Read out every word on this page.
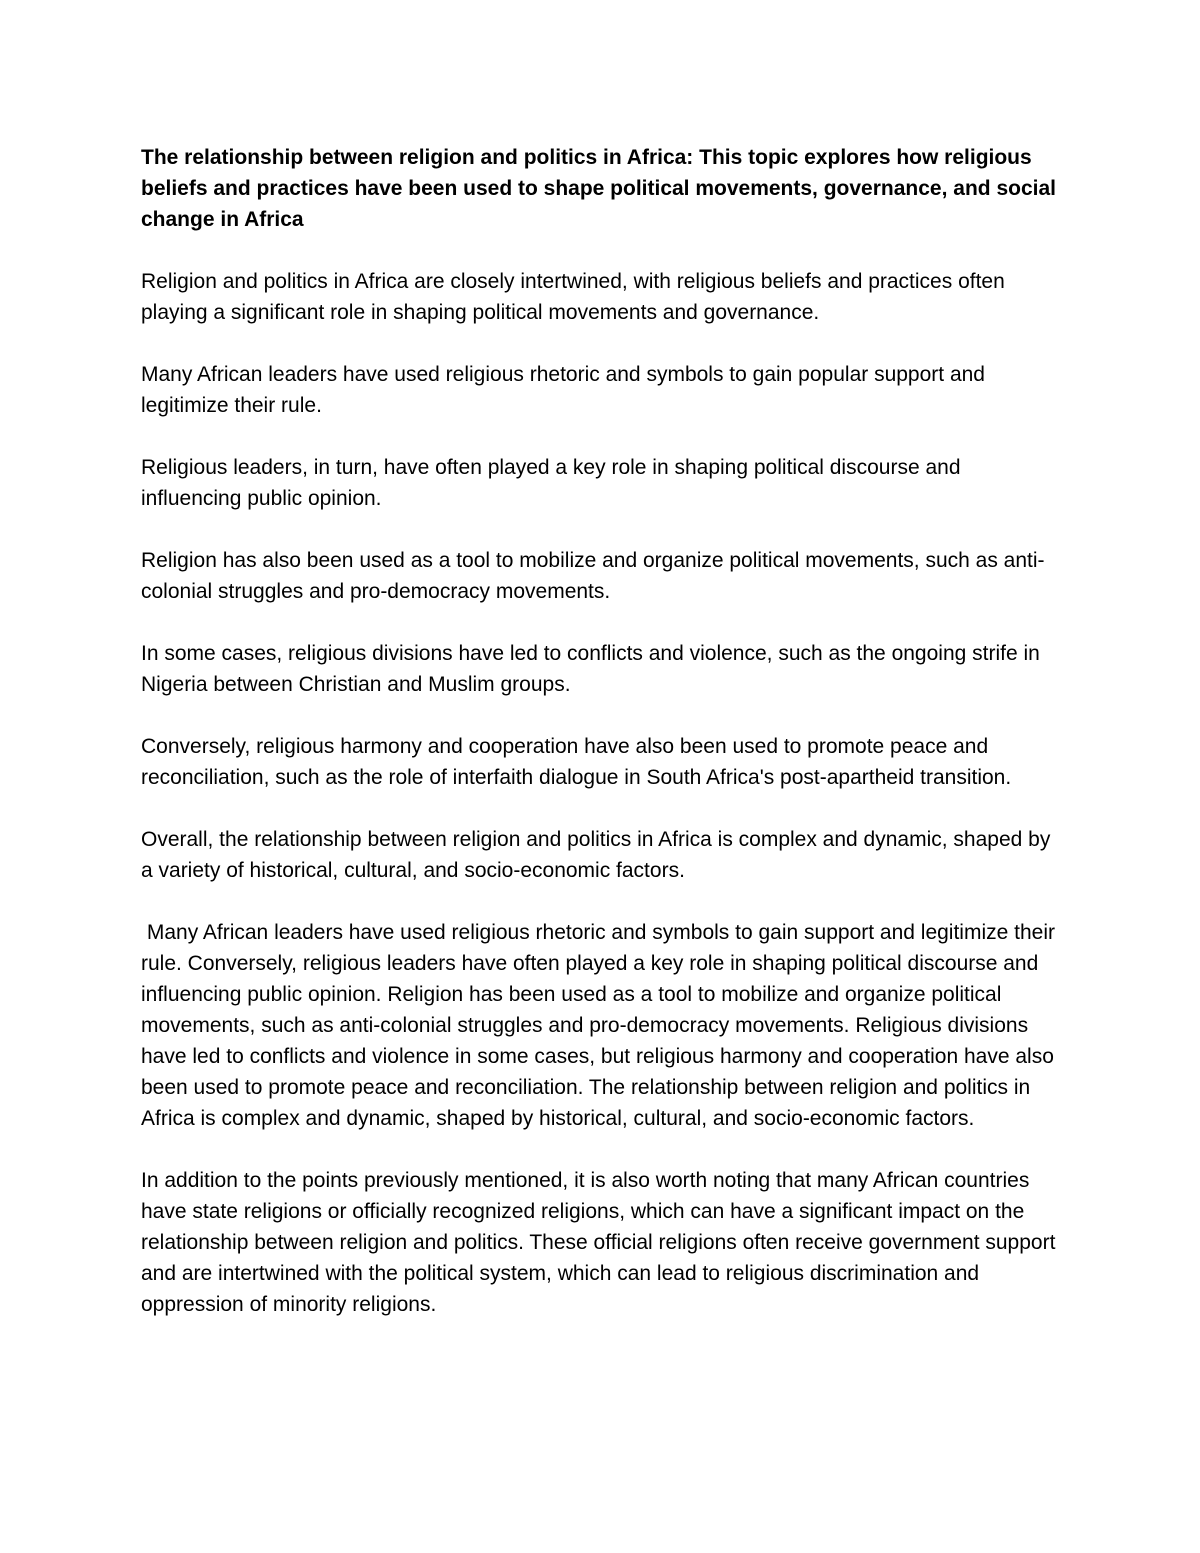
The relationship between religion and politics in Africa: This topic explores how religious beliefs and practices have been used to shape political movements, governance, and social change in Africa

Religion and politics in Africa are closely intertwined, with religious beliefs and practices often playing a significant role in shaping political movements and governance.

Many African leaders have used religious rhetoric and symbols to gain popular support and legitimize their rule.

Religious leaders, in turn, have often played a key role in shaping political discourse and influencing public opinion.

Religion has also been used as a tool to mobilize and organize political movements, such as anti-colonial struggles and pro-democracy movements.

In some cases, religious divisions have led to conflicts and violence, such as the ongoing strife in Nigeria between Christian and Muslim groups.

Conversely, religious harmony and cooperation have also been used to promote peace and reconciliation, such as the role of interfaith dialogue in South Africa's post-apartheid transition.

Overall, the relationship between religion and politics in Africa is complex and dynamic, shaped by a variety of historical, cultural, and socio-economic factors.

Many African leaders have used religious rhetoric and symbols to gain support and legitimize their rule. Conversely, religious leaders have often played a key role in shaping political discourse and influencing public opinion. Religion has been used as a tool to mobilize and organize political movements, such as anti-colonial struggles and pro-democracy movements. Religious divisions have led to conflicts and violence in some cases, but religious harmony and cooperation have also been used to promote peace and reconciliation. The relationship between religion and politics in Africa is complex and dynamic, shaped by historical, cultural, and socio-economic factors.

In addition to the points previously mentioned, it is also worth noting that many African countries have state religions or officially recognized religions, which can have a significant impact on the relationship between religion and politics. These official religions often receive government support and are intertwined with the political system, which can lead to religious discrimination and oppression of minority religions.
